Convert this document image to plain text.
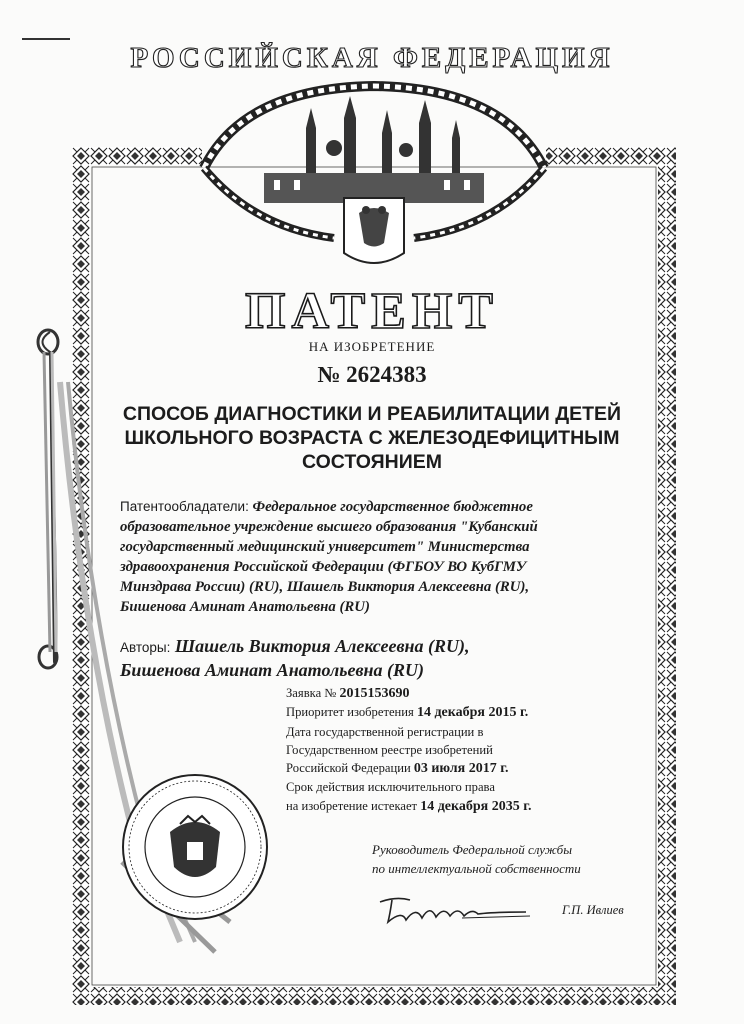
РОССИЙСКАЯ ФЕДЕРАЦИЯ
ПАТЕНТ
НА ИЗОБРЕТЕНИЕ
№ 2624383
СПОСОБ ДИАГНОСТИКИ И РЕАБИЛИТАЦИИ ДЕТЕЙ
ШКОЛЬНОГО ВОЗРАСТА С ЖЕЛЕЗОДЕФИЦИТНЫМ
СОСТОЯНИЕМ
Патентообладатели: Федеральное государственное бюджетное
образовательное учреждение высшего образования "Кубанский
государственный медицинский университет" Министерства
здравоохранения Российской Федерации (ФГБОУ ВО КубГМУ
Минздрава России) (RU), Шашель Виктория Алексеевна (RU),
Бишенова Аминат Анатольевна (RU)
Авторы: Шашель Виктория Алексеевна (RU),
Бишенова Аминат Анатольевна (RU)
Заявка № 2015153690
Приоритет изобретения 14 декабря 2015 г.
Дата государственной регистрации в
Государственном реестре изобретений
Российской Федерации 03 июля 2017 г.
Срок действия исключительного права
на изобретение истекает 14 декабря 2035 г.
Руководитель Федеральной службы
по интеллектуальной собственности
Г.П. Ивлиев
